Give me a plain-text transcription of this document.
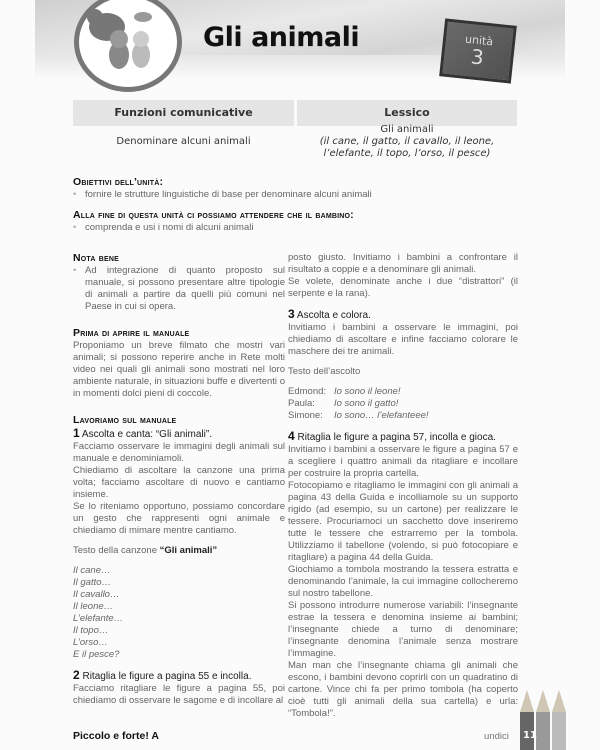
Gli animali	unità
3
Funzioni comunicative	Lessico
Denominare alcuni animali
Gli animali
(il cane, il gatto, il cavallo, il leone, l’elefante, il topo, l’orso, il pesce)
Obiettivi dell’unità:
• fornire le strutture linguistiche di base per denominare alcuni animali
Alla fine di questa unità ci possiamo attendere che il bambino:
• comprenda e usi i nomi di alcuni animali
Nota bene
• Ad integrazione di quanto proposto sul manuale, si possono presentare altre tipologie di animali a partire da quelli più comuni nel Paese in cui si opera.
Prima di aprire il manuale
Proponiamo un breve filmato che mostri vari animali; si possono reperire anche in Rete molti video nei quali gli animali sono mostrati nel loro ambiente naturale, in situazioni buffe e divertenti o in momenti dolci pieni di coccole.
Lavoriamo sul manuale
1 Ascolta e canta: “Gli animali”.
Facciamo osservare le immagini degli animali sul manuale e denominiamoli.
Chiediamo di ascoltare la canzone una prima volta; facciamo ascoltare di nuovo e cantiamo insieme.
Se lo riteniamo opportuno, possiamo concordare un gesto che rappresenti ogni animale e chiediamo di mimare mentre cantiamo.
Testo della canzone “Gli animali”
Il cane…
Il gatto…
Il cavallo…
Il leone…
L’elefante…
Il topo…
L’orso…
E il pesce?
2 Ritaglia le figure a pagina 55 e incolla.
Facciamo ritagliare le figure a pagina 55, poi chiediamo di osservare le sagome e di incollare al
posto giusto. Invitiamo i bambini a confrontare il risultato a coppie e a denominare gli animali.
Se volete, denominate anche i due “distrattori” (il serpente e la rana).
3 Ascolta e colora.
Invitiamo i bambini a osservare le immagini, poi chiediamo di ascoltare e infine facciamo colorare le maschere dei tre animali.
Testo dell’ascolto
Edmond: Io sono il leone!
Paula:	Io sono il gatto!
Simone:	Io sono… l’elefanteee!
4 Ritaglia le figure a pagina 57, incolla e gioca.
Invitiamo i bambini a osservare le figure a pagina 57 e a scegliere i quattro animali da ritagliare e incollare per costruire la propria cartella.
Fotocopiamo e ritagliamo le immagini con gli animali a pagina 43 della Guida e incolliamole su un supporto rigido (ad esempio, su un cartone) per realizzare le tessere. Procuriamoci un sacchetto dove inseriremo tutte le tessere che estrarremo per la tombola. Utilizziamo il tabellone (volendo, si può fotocopiare e ritagliare) a pagina 44 della Guida.
Giochiamo a tombola mostrando la tessera estratta e denominando l’animale, la cui immagine collocheremo sul nostro tabellone.
Si possono introdurre numerose variabili: l’insegnante estrae la tessera e denomina insieme ai bambini; l’insegnante chiede a turno di denominare; l’insegnante denomina l’animale senza mostrare l’immagine.
Man man che l’insegnante chiama gli animali che escono, i bambini devono coprirli con un quadratino di cartone. Vince chi fa per primo tombola (ha coperto cioè tutti gli animali della sua cartella) e urla: “Tombola!”.
Piccolo e forte! A	undici 11
